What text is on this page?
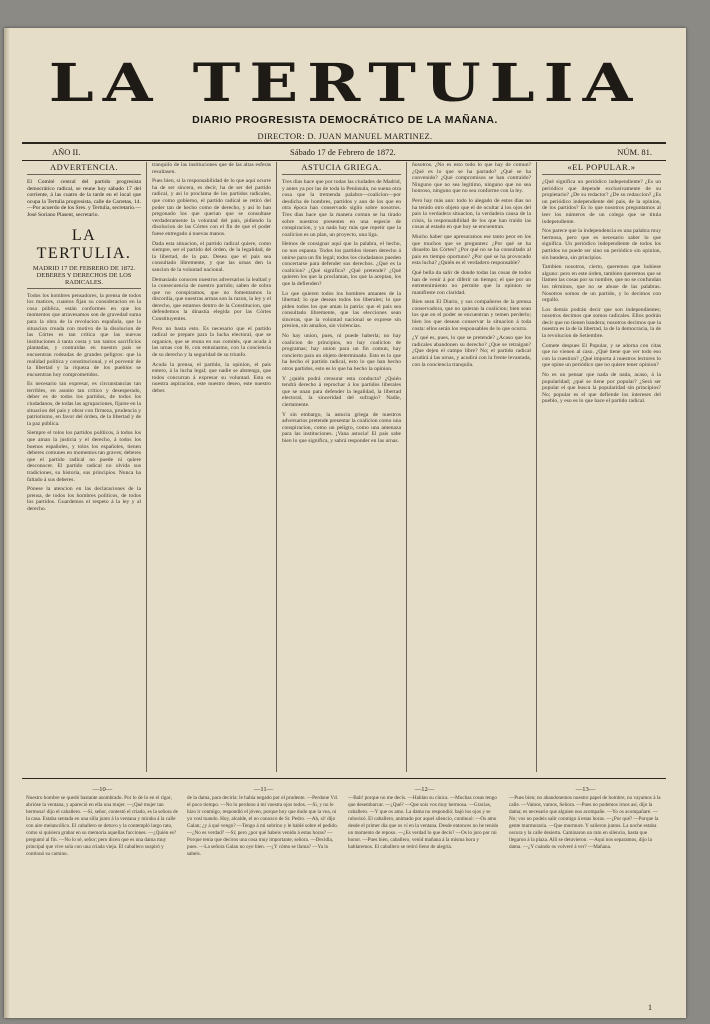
LA TERTULIA
DIARIO PROGRESISTA DEMOCRÁTICO DE LA MAÑANA.
DIRECTOR: D. JUAN MANUEL MARTINEZ.
AÑO II.	Sábado 17 de Febrero de 1872.	NÚM. 81.
ADVERTENCIA.

El Comité central del partido progresista democrático radical, se reune hoy sábado 17 del corriente, á las cuatro de la tarde en el local que ocupa la Tertulia progresista, calle de Carretas, 14.—Por acuerdo de los Sres. y Tertulia, secretario.—José Soriano Plasent, secretario.

LA TERTULIA.
MADRID 17 DE FEBRERO DE 1872.
DEBERES Y DERECHOS DE LOS RADICALES.

Todos los hombres pensadores, la prensa de todos los matices, cuantos fijan su consideracion en la cosa pública, están conformes en que los momentos que atravesamos son de gravedad suma para la obra de la revolucion española, que la situacion creada con motivo de la disolucion de las Córtes es tan crítica que las nuevas instituciones á tanta costa y tan tantos sacrificios plantadas, y contraidas en nuestro pais se encuentran rodeadas de grandes peligros: que la realidad política y constitucional, y el porvenir de la libertad y la riqueza de los pueblos se encuentran hoy comprometidos.

Es necesario tan expresar, es circunstancias tan terribles, en asunto tan critico y desesperado, deber es de todos los partidos, de todos los ciudadanos, de todas las agrupaciones, fijarse en la situacion del pais y obrar con firmeza, prudencia y patriotismo, en favor del órden, de la libertad y de la paz pública.

Siempre el tolos los partidos políticos, á todos los que aman la justicia y el derecho, á todos los buenos españoles, y tolos los españoles, tienen deberes comunes en momentos tan graves; deberes que el partido radical no puede ni quiere desconocer. El partido radical no olvida sus tradiciones, su historia, sus principios. Nunca ha faltado á sus deberes.

Pónese la atencion en las declaraciones de la prensa, de todos los hombres políticos, de todos los partidos. Guardemos el respeto á la ley y al derecho.

tranquilo de las instituciones que de las altas esferas resultasen.

Pues bien, si la responsabilidad de lo que aquí ocurre ha de ser sincera, es decir, ha de ser del partido radical, y asi lo proclama de los partidos radicales, que como gobierno, el partido radical se retiró del poder tan de hecho como de derecho, y así lo han pregonado los que querian que se consultase verdaderamente la voluntad del país, pidiendo la disolucion de las Córtes con el fin de que el poder fuese entregado á nuevas manos.

Dada esta situacion, el partido radical quiere, como siempre, ser el partido del órden, de la legalidad, de la libertad, de la paz. Desea que el pais sea consultado libremente, y que las urnas den la sancion de la voluntad nacional.

Demasiado conocen nuestros adversarios la lealtad y la consecuencia de nuestro partido; saben de sobra que no conspiramos, que no fomentamos la discordia, que nuestras armas son la razon, la ley y el derecho, que estamos dentro de la Constitucion, que defendemos la dinastía elegida por las Córtes Constituyentes.

Pero no basta esto. Es necesario que el partido radical se prepare para la lucha electoral, que se organice, que se reuna en sus comités, que acuda á las urnas con fé, con entusiasmo, con la conciencia de su derecho y la seguridad de su triunfo.

Acuda la prensa, el partido, la opinion, el pais entero, á la lucha legal; que nadie se abstenga, que todos concurran á expresar su voluntad. Esta es nuestra aspiracion, este nuestro deseo, este nuestro deber.

ASTUCIA GRIEGA.

Tres dias hace que por todas las ciudades de Madrid, y antes ya por las de toda la Península, no suena otra cosa que la tremenda palabra—coalicion—por desdicha de hombres, partidos y aun de los que en otra época han conservado sigilo sobre nosotros. Tres dias hace que la manera comun se ha tirado sobre nuestros presentes en una especie de conspiracion, y ya nada hay más que repetir que la coalicion es un plan, un proyecto, una liga.

Hemos de consignar aquí que la palabra, el hecho, no nos espanta. Todos los partidos tienen derecho á unirse para un fin legal; todos los ciudadanos pueden concertarse para defender sus derechos. ¿Qué es la coalicion? ¿Qué significa? ¿Qué pretende? ¿Qué quieren los que la proclaman, los que la aceptan, los que la defienden?

Lo que quieren todos los hombres amantes de la libertad; lo que desean todos los liberales; lo que piden todos los que aman la patria: que el pais sea consultado libremente, que las elecciones sean sinceras, que la voluntad nacional se exprese sin presion, sin amaños, sin violencias.

No hay union, pues, ni puede haberla; no hay coalicion de principios, no hay coalicion de programas; hay union para un fin comun, hay concierto para un objeto determinado. Esto es lo que ha hecho el partido radical, esto lo que han hecho otros partidos, esto es lo que ha hecho la opinion.

Y ¿quién podrá censurar esta conducta? ¿Quién tendrá derecho á reprochar á los partidos liberales que se unan para defender la legalidad, la libertad electoral, la sinceridad del sufragio? Nadie, ciertamente.

Y sin embargo, la astucia griega de nuestros adversarios pretende presentar la coalicion como una conspiracion, como un peligro, como una amenaza para las instituciones. ¡Vana astucia! El pais sabe bien lo que significa, y sabrá responder en las urnas.

ñosotros. ¿No es esto todo lo que hay de comun? ¿Qué es lo que se ha pactado? ¿Qué se ha convenido? ¿Qué compromisos se han contraido? Ninguno que no sea legítimo, ninguno que no sea honroso, ninguno que no sea conforme con la ley.

Pero hay más aun: todo lo alegado de estos dias no ha tenido otro objeto que el de ocultar á los ojos del pais la verdadera situacion, la verdadera causa de la crisis, la responsabilidad de los que han traido las cosas al estado en que hoy se encuentran.

Mucho haber que apresuramos ese tanto peor en los que muchos que se pregunten: ¿Por qué se ha disuelto las Córtes? ¿Por qué no se ha consultado al pais en tiempo oportuno? ¿Por qué se ha provocado esta lucha? ¿Quién es el verdadero responsable?

Qué bella da salir de donde todas las cosas de todos han de venir á por diferir un tiempo; el que por un entretenimiento no permite que la opinion se manifieste con claridad.

Bien sean El Diario, y sus compañeros de la prensa conservadora, que no quieran la coalicion; bien sean los que en el poder se encuentran y temen perderlo; bien los que desean conservar la situacion á toda costa: ellos serán los responsables de lo que ocurra.

¿Y qué es, pues, lo que se pretende? ¿Acaso que los radicales abandonen su derecho? ¿Que se retraigan? ¿Que dejen el campo libre? No; el partido radical acudirá á las urnas, y acudirá con la frente levantada, con la conciencia tranquila.

«EL POPULAR.»

¿Qué significa un periódico independiente? ¿Es un periódico que depende exclusivamente de su propietario? ¿De su redactor? ¿De su redaccion? ¿Es un periódico independiente del pais, de la opinion, de los partidos? Es lo que nosotros preguntamos al leer los números de un colega que se titula independiente.

Nos parece que la independencia es una palabra muy hermosa, pero que es necesario saber lo que significa. Un periódico independiente de todos los partidos no puede ser sino un periódico sin opinion, sin bandera, sin principios.

Tambien nosotros, cierto, queremos que hubiese alguno: pero en este órden, tambien queremos que se llamen las cosas por su nombre, que no se confundan los términos, que no se abuse de las palabras. Nosotros somos de un partido, y lo decimos con orgullo.

Los demás podrán decir que son independientes; nosotros decimos que somos radicales. Ellos podrán decir que no tienen bandera; nosotros decimos que la nuestra es la de la libertad, la de la democracia, la de la revolucion de Setiembre.

Comete despues El Popular, y se adorna con citas que no vienen al caso. ¿Qué tiene que ver todo eso con la cuestion? ¿Qué importa á nuestros lectores lo que opine un periódico que no quiere tener opinion?

No es un pensar que nada de nada, acaso, á la popularidad; ¿qué se tiene por popular? ¿Será ser popular el que busca la popularidad sin principios? No; popular es el que defiende los intereses del pueblo, y eso es lo que hace el partido radical.

—10—

Nuestro hombre se quedó bastante asombrado. Por lo de lo en el rigor, abrióse la ventana, y apareció en ella una mujer. —¡Qué mujer tan hermosa! dijo el caballero. —Sí, señor, contestó el criado, es la señora de la casa. Estaba sentada en una silla junto á la ventana y miraba á la calle con aire melancólico. El caballero se detuvo y la contempló largo rato, como si quisiera grabar en su memoria aquellas facciones. —¿Quién es? preguntó al fin. —No lo sé, señor; pero dicen que es una dama muy principal que vive sola con una criada vieja. El caballero suspiró y continuó su camino.

—11—

de la dama, para decirla: le habia negado por el prudente. —Perdone Vd. el poco tiempo. —No lo perdono á mí vuestra ojos todos. —Si, y no le hizo ir conmigo, respondió el jóven, porque hoy que dudo que la vea, ni yo vosí tuando. Hoy, alcalde, el no conozco de Sr. Pedro. —Ah, sí! dijo Galan; ¿y á qué vengo? —Tengo á mi sobrino y le hablé sobre el pedido. —¿No es verdad? —Sí; pero ¿por qué habeis venido á estas horas? —Porque tenia que deciros una cosa muy importante, señora. —Decidla, pues. —La señora Galan no oye bien. —¿Y cómo se llama? —Ya lo sabeis.

—12—

—Bah! porque no me decís. —Hablan su cínica. —Muchas cosas tengo que desembarcar. —¿Qué? —Que sois vos muy hermosa. —Gracias, caballero. —Y que os amo. La dama no respondió; bajó los ojos y se ruborizó. El caballero, animado por aquel silencio, continuó: —Os amo desde el primer dia que os ví en la ventana. Desde entonces no he tenido un momento de reposo. —¿Es verdad lo que decís? —Os lo juro por mi honor. —Pues bien, caballero, venid mañana á la misma hora y hablaremos. El caballero se retiró lleno de alegría.

—13—

—Pues bien; no abandonemos nuestro papel de hombre, no vayamos á la calle. —Vamos, vamos, Señora. —Pues no podemos irnos así, dijo la dama; es necesario que alguien nos acompañe. —Yo os acompañaré. —No; vos no podeis salir conmigo á estas horas. —¿Por qué? —Porque la gente murmuraria. —Que murmure. Y salieron juntos. La noche estaba oscura y la calle desierta. Caminaron un rato en silencio, hasta que llegaron á la plaza. Allí se detuvieron. —Aquí nos separamos, dijo la dama. —¿Y cuándo os volveré á ver? —Mañana.

1
